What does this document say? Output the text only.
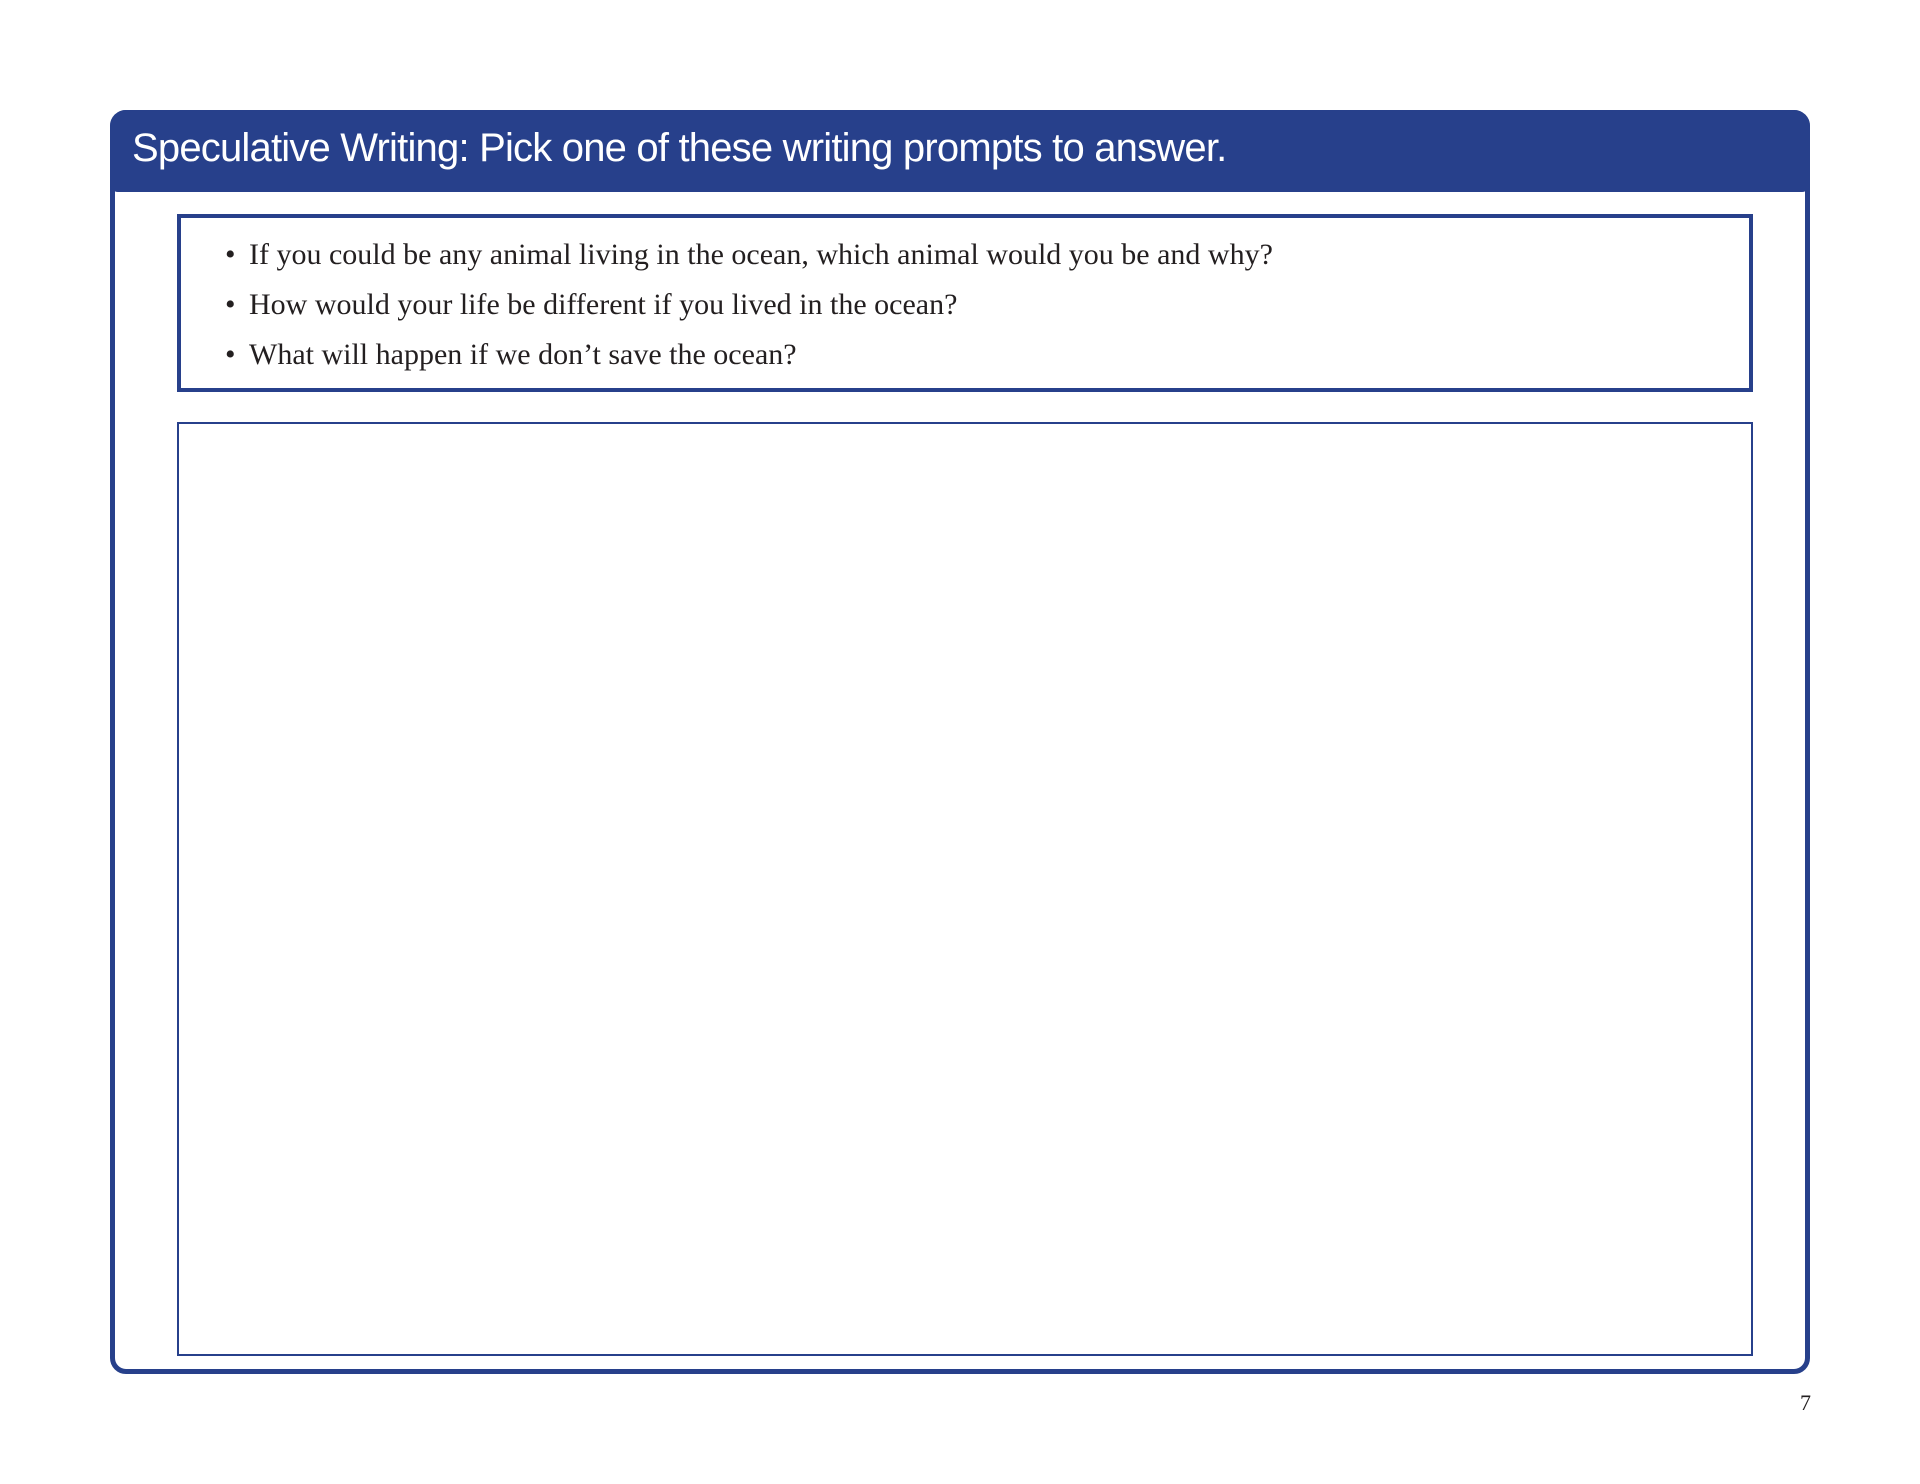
Speculative Writing: Pick one of these writing prompts to answer.
• If you could be any animal living in the ocean, which animal would you be and why?
• How would your life be different if you lived in the ocean?
• What will happen if we don’t save the ocean?
7
